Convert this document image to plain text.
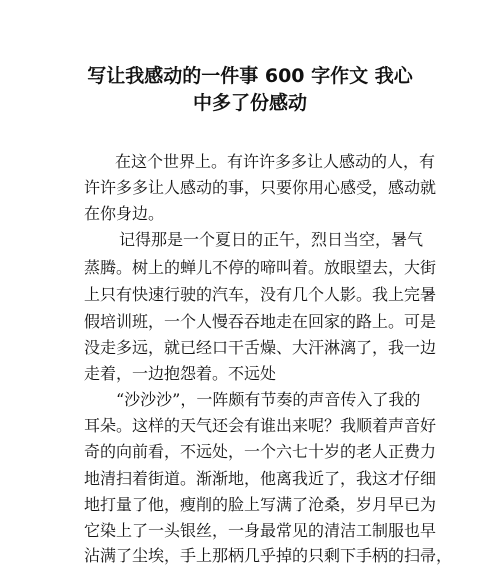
写让我感动的一件事 600 字作文 我心
中多了份感动
在这个世界上。有许许多多让人感动的人，有
许许多多让人感动的事，只要你用心感受，感动就
在你身边。
记得那是一个夏日的正午，烈日当空，暑气
蒸腾。树上的蝉儿不停的啼叫着。放眼望去，大街
上只有快速行驶的汽车，没有几个人影。我上完暑
假培训班，一个人慢吞吞地走在回家的路上。可是
没走多远，就已经口干舌燥、大汗淋漓了，我一边
走着，一边抱怨着。不远处
“沙沙沙”，一阵颇有节奏的声音传入了我的
耳朵。这样的天气还会有谁出来呢？我顺着声音好
奇的向前看，不远处，一个六七十岁的老人正费力
地清扫着街道。渐渐地，他离我近了，我这才仔细
地打量了他，瘦削的脸上写满了沧桑，岁月早已为
它染上了一头银丝，一身最常见的清洁工制服也早
沾满了尘埃，手上那柄几乎掉的只剩下手柄的扫帚，
